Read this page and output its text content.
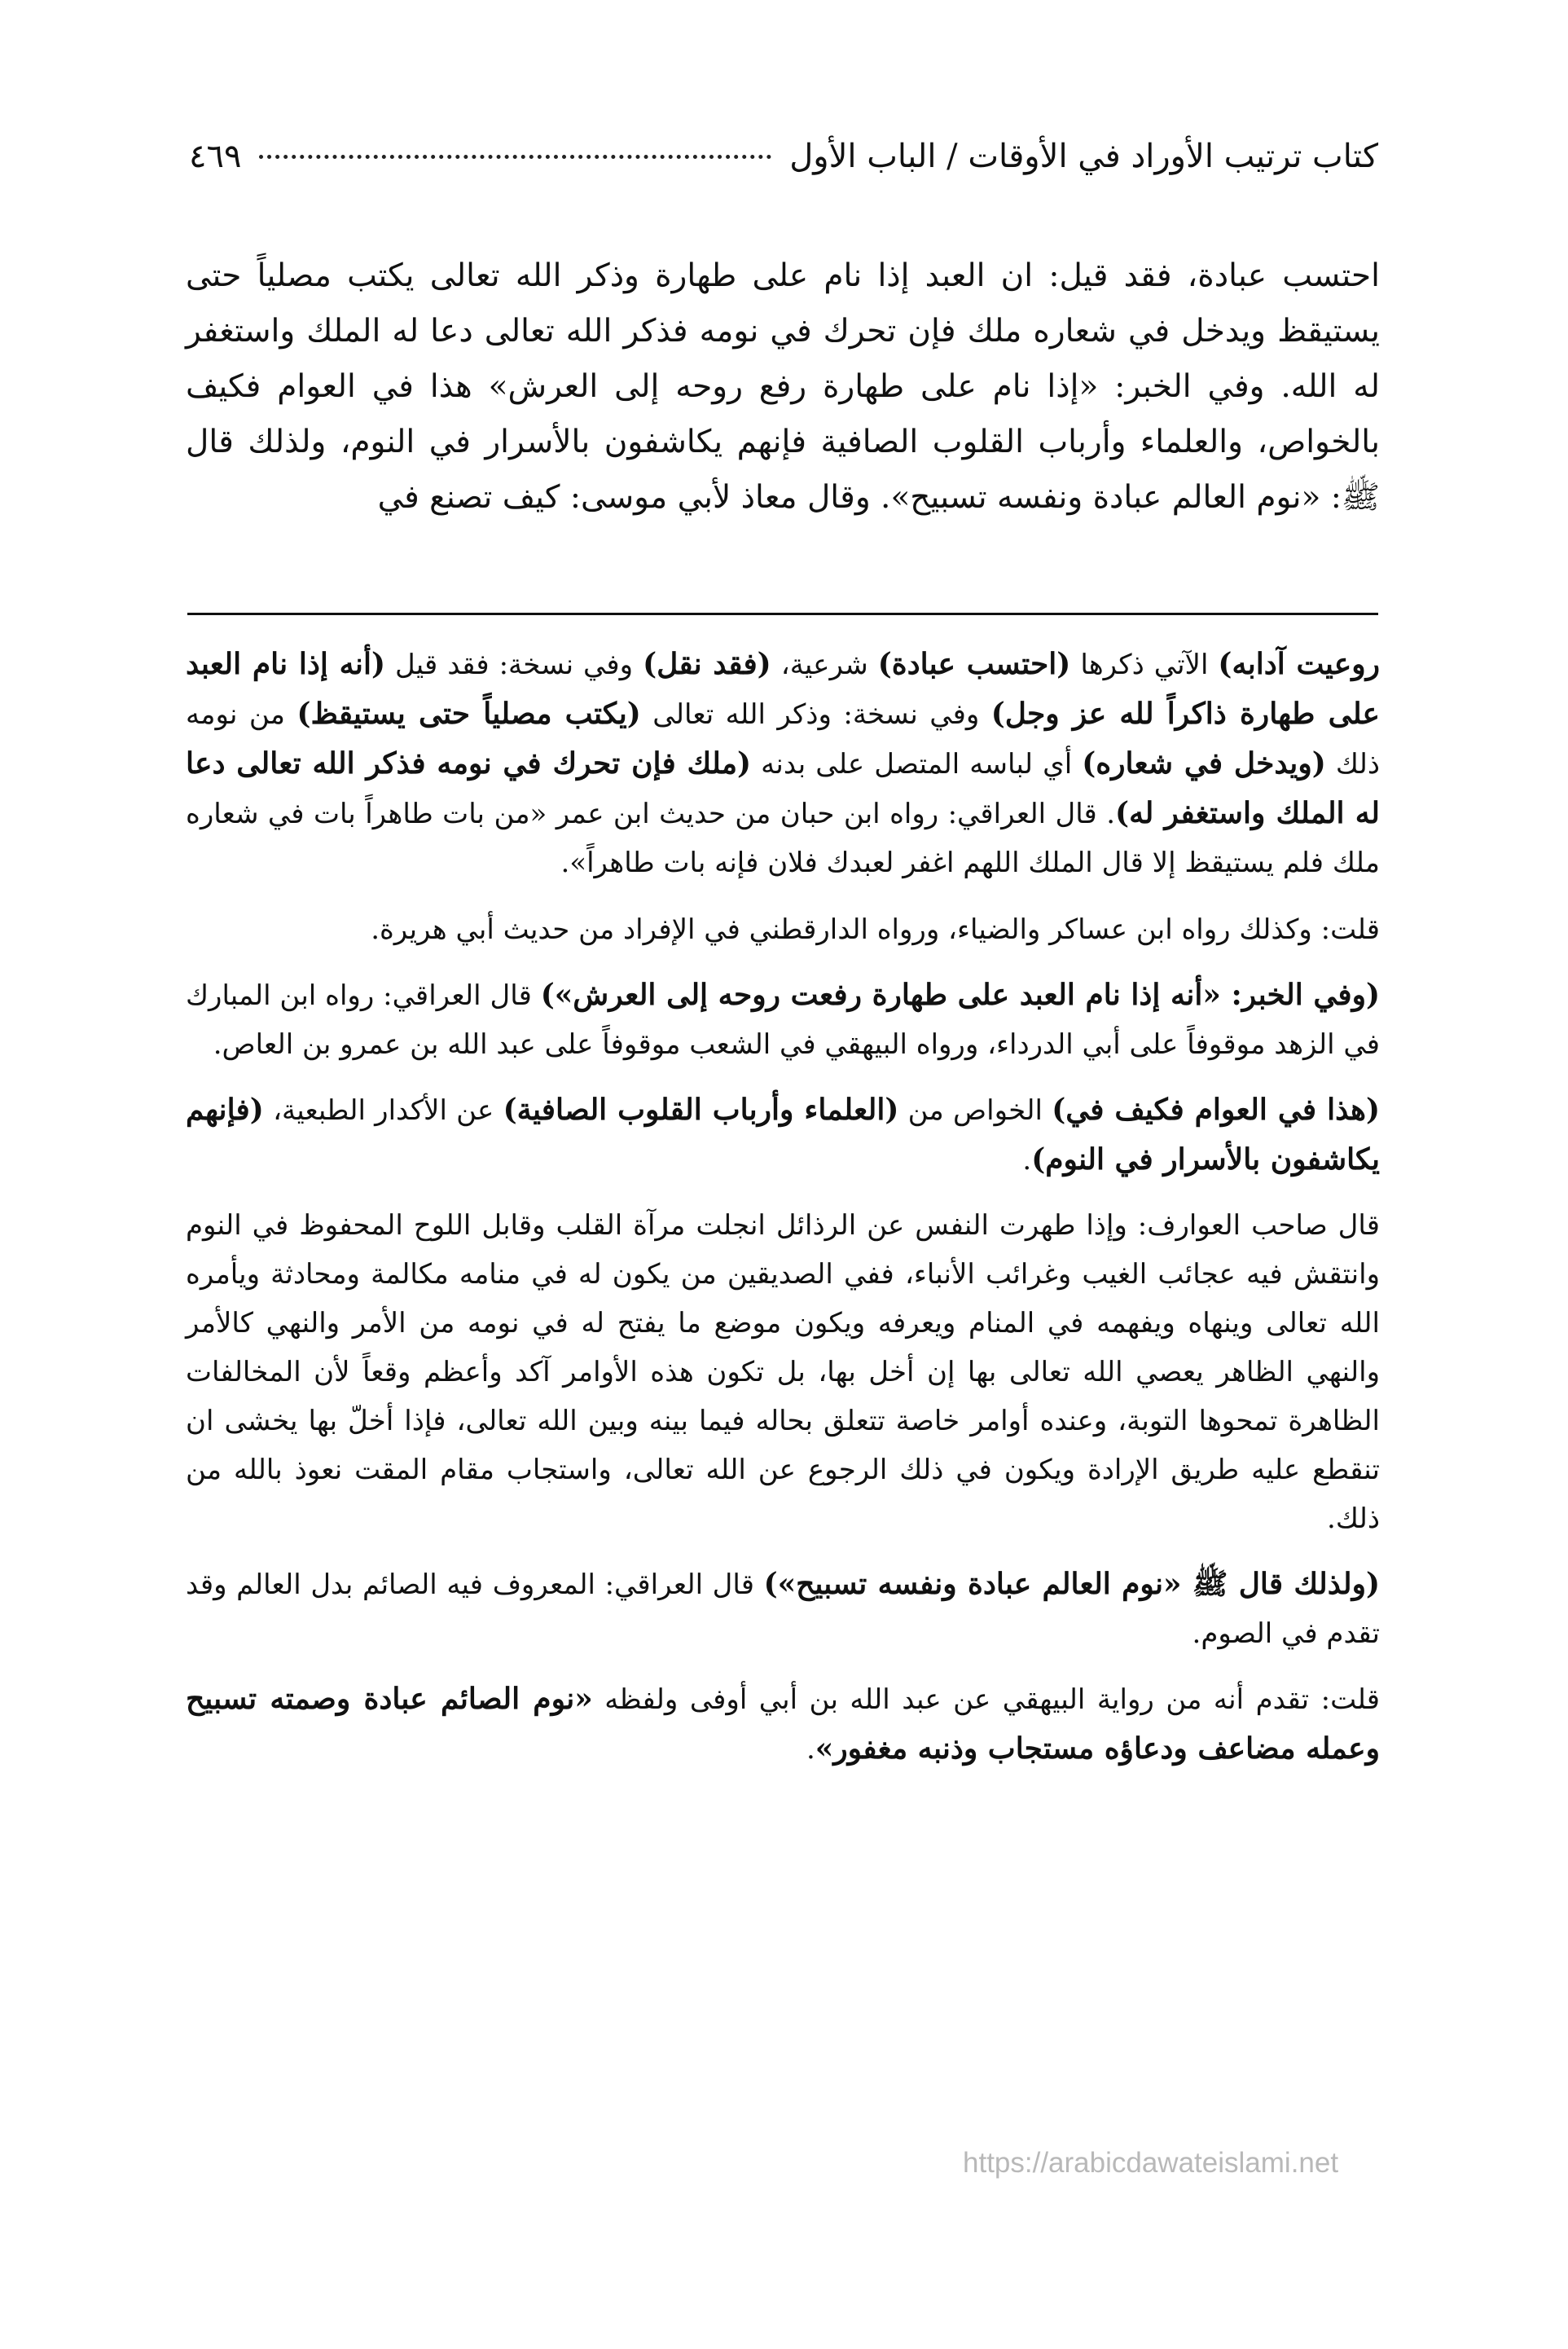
كتاب ترتيب الأوراد في الأوقات / الباب الأول
٤٦٩
احتسب عبادة، فقد قيل: ان العبد إذا نام على طهارة وذكر الله تعالى يكتب مصلياً حتى يستيقظ ويدخل في شعاره ملك فإن تحرك في نومه فذكر الله تعالى دعا له الملك واستغفر له الله. وفي الخبر: «إذا نام على طهارة رفع روحه إلى العرش» هذا في العوام فكيف بالخواص، والعلماء وأرباب القلوب الصافية فإنهم يكاشفون بالأسرار في النوم، ولذلك قال ﷺ: «نوم العالم عبادة ونفسه تسبيح». وقال معاذ لأبي موسى: كيف تصنع في

روعيت آدابه) الآتي ذكرها (احتسب عبادة) شرعية، (فقد نقل) وفي نسخة: فقد قيل (أنه إذا نام العبد على طهارة ذاكراً لله عز وجل) وفي نسخة: وذكر الله تعالى (يكتب مصلياً حتى يستيقظ) من نومه ذلك (ويدخل في شعاره) أي لباسه المتصل على بدنه (ملك فإن تحرك في نومه فذكر الله تعالى دعا له الملك واستغفر له). قال العراقي: رواه ابن حبان من حديث ابن عمر «من بات طاهراً بات في شعاره ملك فلم يستيقظ إلا قال الملك اللهم اغفر لعبدك فلان فإنه بات طاهراً».

قلت: وكذلك رواه ابن عساكر والضياء، ورواه الدارقطني في الإفراد من حديث أبي هريرة.

(وفي الخبر: «أنه إذا نام العبد على طهارة رفعت روحه إلى العرش») قال العراقي: رواه ابن المبارك في الزهد موقوفاً على أبي الدرداء، ورواه البيهقي في الشعب موقوفاً على عبد الله بن عمرو بن العاص.

(هذا في العوام فكيف في) الخواص من (العلماء وأرباب القلوب الصافية) عن الأكدار الطبعية، (فإنهم يكاشفون بالأسرار في النوم).

قال صاحب العوارف: وإذا طهرت النفس عن الرذائل انجلت مرآة القلب وقابل اللوح المحفوظ في النوم وانتقش فيه عجائب الغيب وغرائب الأنباء، ففي الصديقين من يكون له في منامه مكالمة ومحادثة ويأمره الله تعالى وينهاه ويفهمه في المنام ويعرفه ويكون موضع ما يفتح له في نومه من الأمر والنهي كالأمر والنهي الظاهر يعصي الله تعالى بها إن أخل بها، بل تكون هذه الأوامر آكد وأعظم وقعاً لأن المخالفات الظاهرة تمحوها التوبة، وعنده أوامر خاصة تتعلق بحاله فيما بينه وبين الله تعالى، فإذا أخلّ بها يخشى ان تنقطع عليه طريق الإرادة ويكون في ذلك الرجوع عن الله تعالى، واستجاب مقام المقت نعوذ بالله من ذلك.

(ولذلك قال ﷺ «نوم العالم عبادة ونفسه تسبيح») قال العراقي: المعروف فيه الصائم بدل العالم وقد تقدم في الصوم.

قلت: تقدم أنه من رواية البيهقي عن عبد الله بن أبي أوفى ولفظه «نوم الصائم عبادة وصمته تسبيح وعمله مضاعف ودعاؤه مستجاب وذنبه مغفور».

https://arabicdawateislami.net
